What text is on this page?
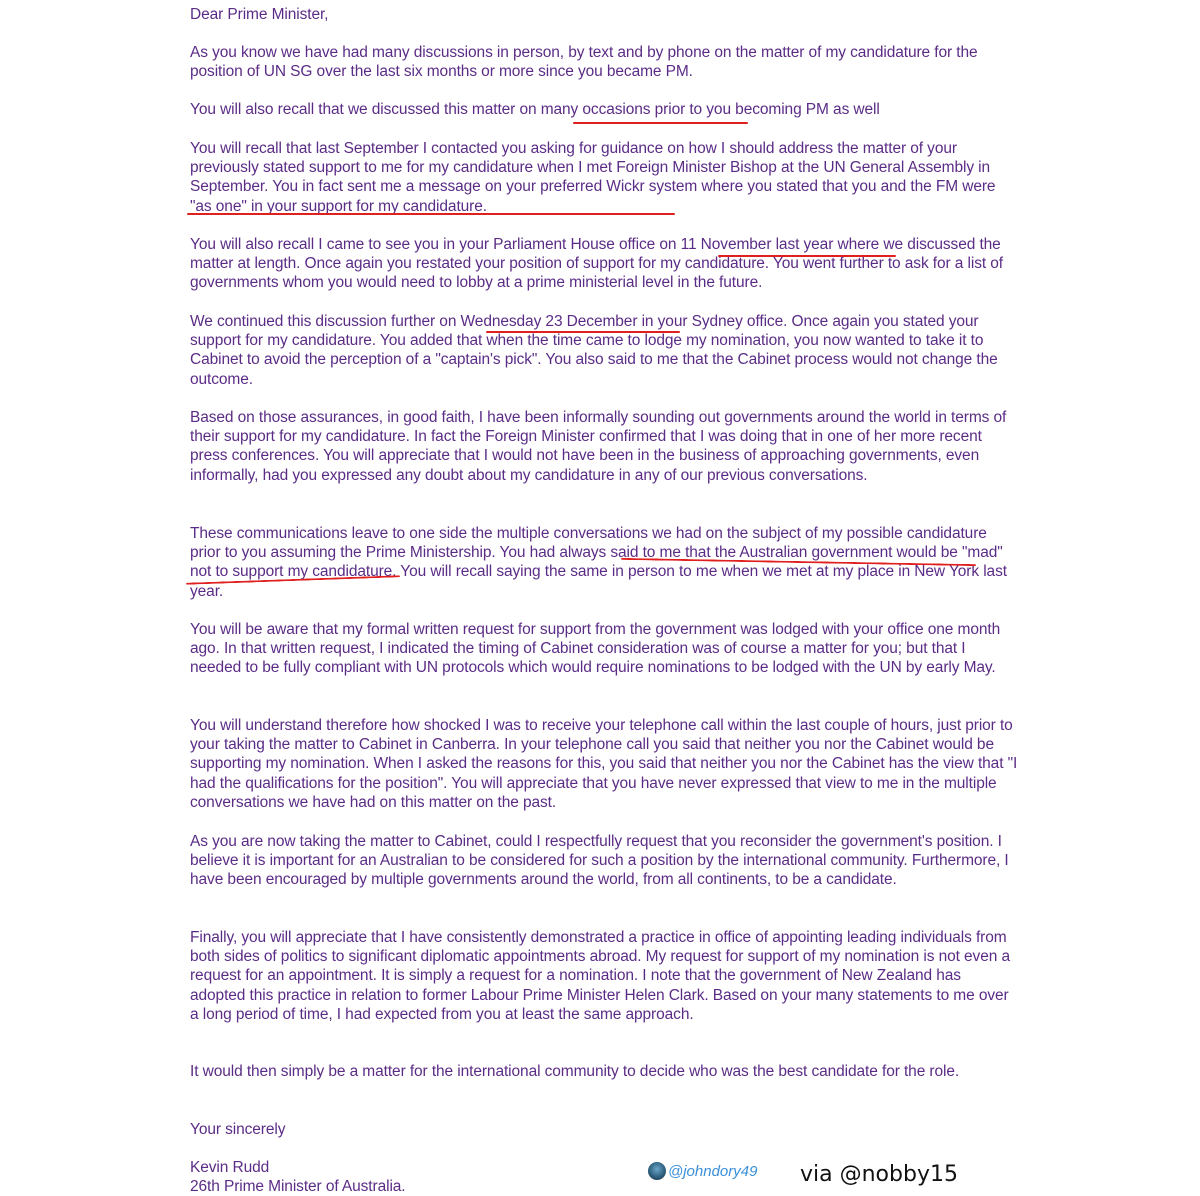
Dear Prime Minister,

As you know we have had many discussions in person, by text and by phone on the matter of my candidature for the position of UN SG over the last six months or more since you became PM.

You will also recall that we discussed this matter on many occasions prior to you becoming PM as well

You will recall that last September I contacted you asking for guidance on how I should address the matter of your previously stated support to me for my candidature when I met Foreign Minister Bishop at the UN General Assembly in September. You in fact sent me a message on your preferred Wickr system where you stated that you and the FM were "as one" in your support for my candidature.

You will also recall I came to see you in your Parliament House office on 11 November last year where we discussed the matter at length. Once again you restated your position of support for my candidature. You went further to ask for a list of governments whom you would need to lobby at a prime ministerial level in the future.

We continued this discussion further on Wednesday 23 December in your Sydney office. Once again you stated your support for my candidature. You added that when the time came to lodge my nomination, you now wanted to take it to Cabinet to avoid the perception of a "captain's pick". You also said to me that the Cabinet process would not change the outcome.

Based on those assurances, in good faith, I have been informally sounding out governments around the world in terms of their support for my candidature. In fact the Foreign Minister confirmed that I was doing that in one of her more recent press conferences. You will appreciate that I would not have been in the business of approaching governments, even informally, had you expressed any doubt about my candidature in any of our previous conversations.

These communications leave to one side the multiple conversations we had on the subject of my possible candidature prior to you assuming the Prime Ministership. You had always said to me that the Australian government would be "mad" not to support my candidature. You will recall saying the same in person to me when we met at my place in New York last year.

You will be aware that my formal written request for support from the government was lodged with your office one month ago. In that written request, I indicated the timing of Cabinet consideration was of course a matter for you; but that I needed to be fully compliant with UN protocols which would require nominations to be lodged with the UN by early May.

You will understand therefore how shocked I was to receive your telephone call within the last couple of hours, just prior to your taking the matter to Cabinet in Canberra. In your telephone call you said that neither you nor the Cabinet would be supporting my nomination. When I asked the reasons for this, you said that neither you nor the Cabinet has the view that "I had the qualifications for the position". You will appreciate that you have never expressed that view to me in the multiple conversations we have had on this matter on the past.

As you are now taking the matter to Cabinet, could I respectfully request that you reconsider the government's position. I believe it is important for an Australian to be considered for such a position by the international community. Furthermore, I have been encouraged by multiple governments around the world, from all continents, to be a candidate.

Finally, you will appreciate that I have consistently demonstrated a practice in office of appointing leading individuals from both sides of politics to significant diplomatic appointments abroad. My request for support of my nomination is not even a request for an appointment. It is simply a request for a nomination. I note that the government of New Zealand has adopted this practice in relation to former Labour Prime Minister Helen Clark. Based on your many statements to me over a long period of time, I had expected from you at least the same approach.

It would then simply be a matter for the international community to decide who was the best candidate for the role.

Your sincerely

Kevin Rudd

26th Prime Minister of Australia.

@johndory49 via @nobby15
